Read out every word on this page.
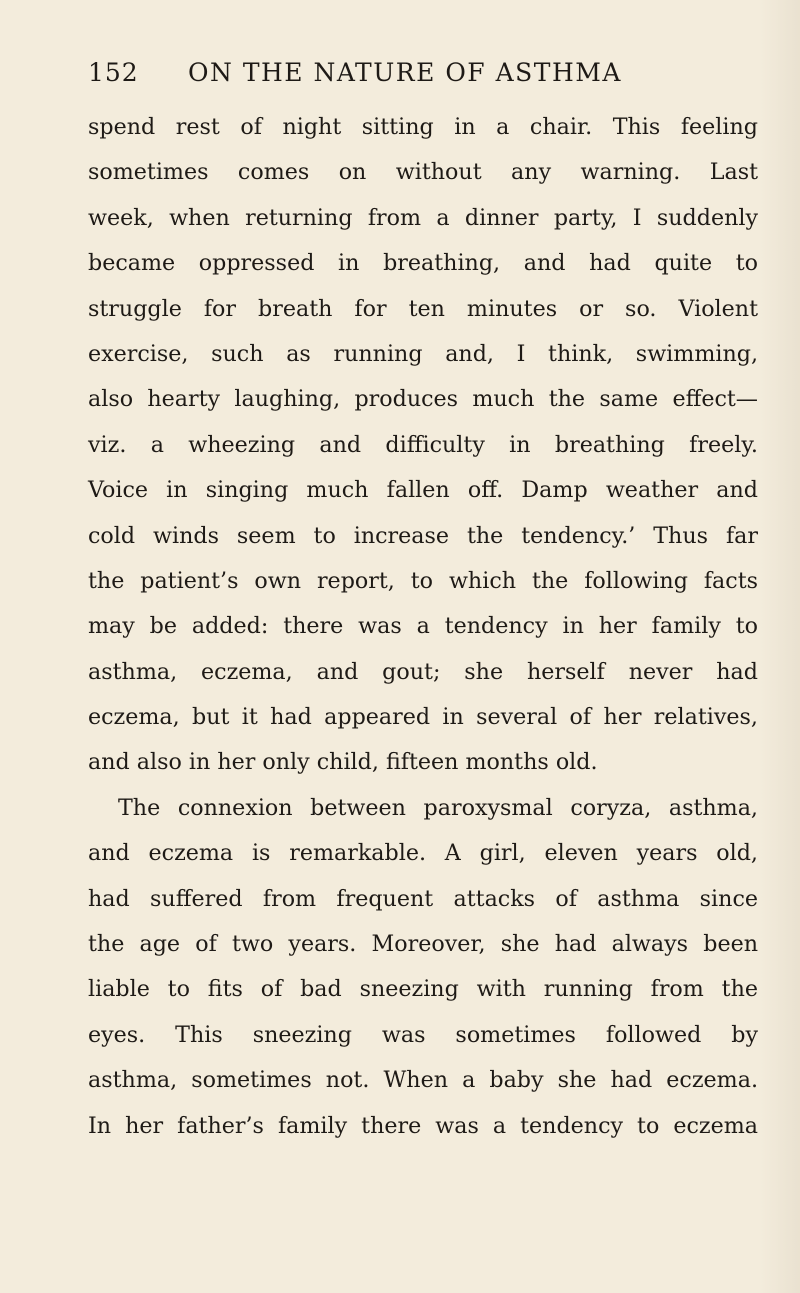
152 ON THE NATURE OF ASTHMA
spend rest of night sitting in a chair. This feeling
sometimes comes on without any warning. Last
week, when returning from a dinner party, I suddenly
became oppressed in breathing, and had quite to
struggle for breath for ten minutes or so. Violent
exercise, such as running and, I think, swimming,
also hearty laughing, produces much the same effect—
viz. a wheezing and difficulty in breathing freely.
Voice in singing much fallen off. Damp weather and
cold winds seem to increase the tendency.’ Thus far
the patient’s own report, to which the following facts
may be added: there was a tendency in her family to
asthma, eczema, and gout; she herself never had
eczema, but it had appeared in several of her relatives,
and also in her only child, fifteen months old.
The connexion between paroxysmal coryza, asthma,
and eczema is remarkable. A girl, eleven years old,
had suffered from frequent attacks of asthma since
the age of two years. Moreover, she had always been
liable to fits of bad sneezing with running from the
eyes. This sneezing was sometimes followed by
asthma, sometimes not. When a baby she had eczema.
In her father’s family there was a tendency to eczema
